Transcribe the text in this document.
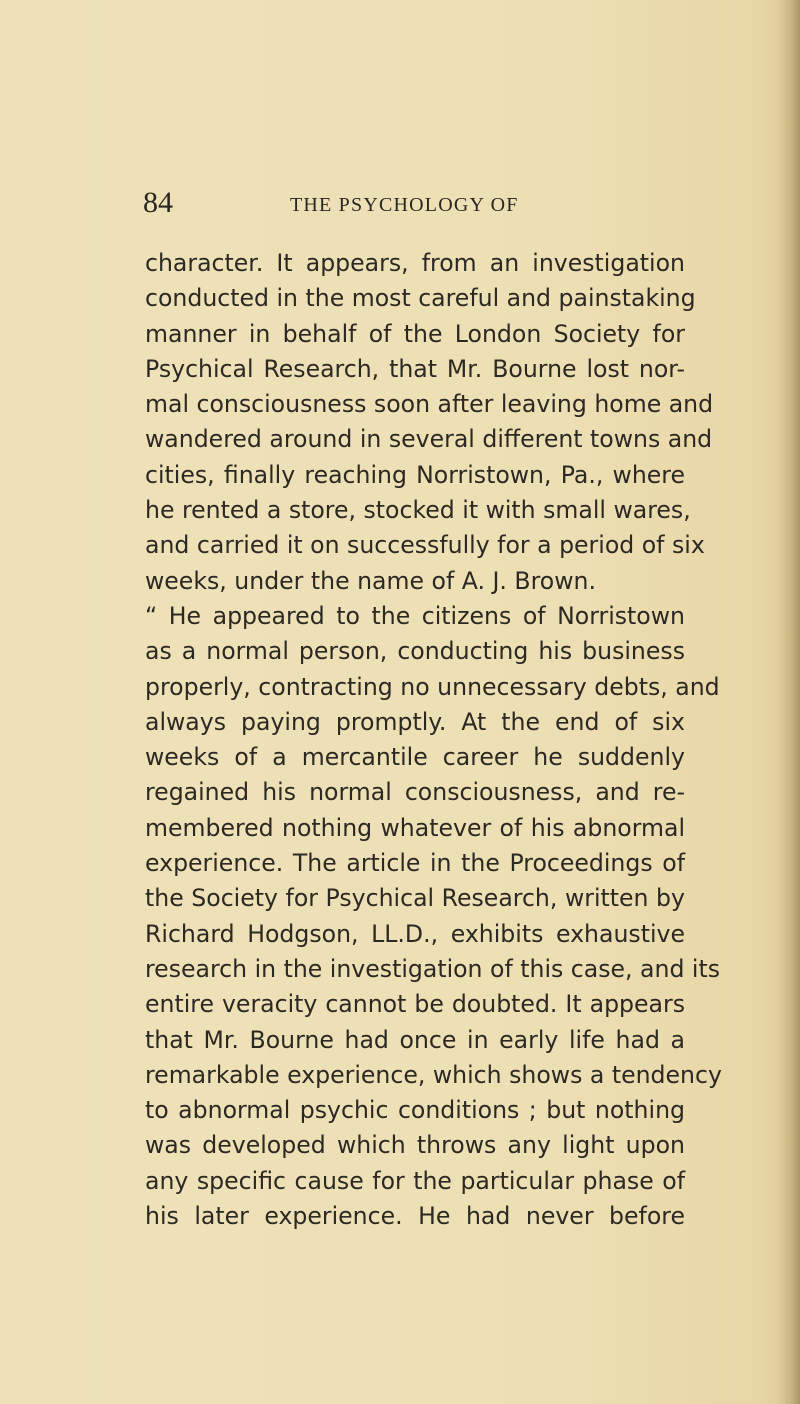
84	THE PSYCHOLOGY OF
character. It appears, from an investigation
conducted in the most careful and painstaking
manner in behalf of the London Society for
Psychical Research, that Mr. Bourne lost nor-
mal consciousness soon after leaving home and
wandered around in several different towns and
cities, finally reaching Norristown, Pa., where
he rented a store, stocked it with small wares,
and carried it on successfully for a period of six
weeks, under the name of A. J. Brown.
“ He appeared to the citizens of Norristown
as a normal person, conducting his business
properly, contracting no unnecessary debts, and
always paying promptly. At the end of six
weeks of a mercantile career he suddenly
regained his normal consciousness, and re-
membered nothing whatever of his abnormal
experience. The article in the Proceedings of
the Society for Psychical Research, written by
Richard Hodgson, LL.D., exhibits exhaustive
research in the investigation of this case, and its
entire veracity cannot be doubted. It appears
that Mr. Bourne had once in early life had a
remarkable experience, which shows a tendency
to abnormal psychic conditions ; but nothing
was developed which throws any light upon
any specific cause for the particular phase of
his later experience. He had never before
